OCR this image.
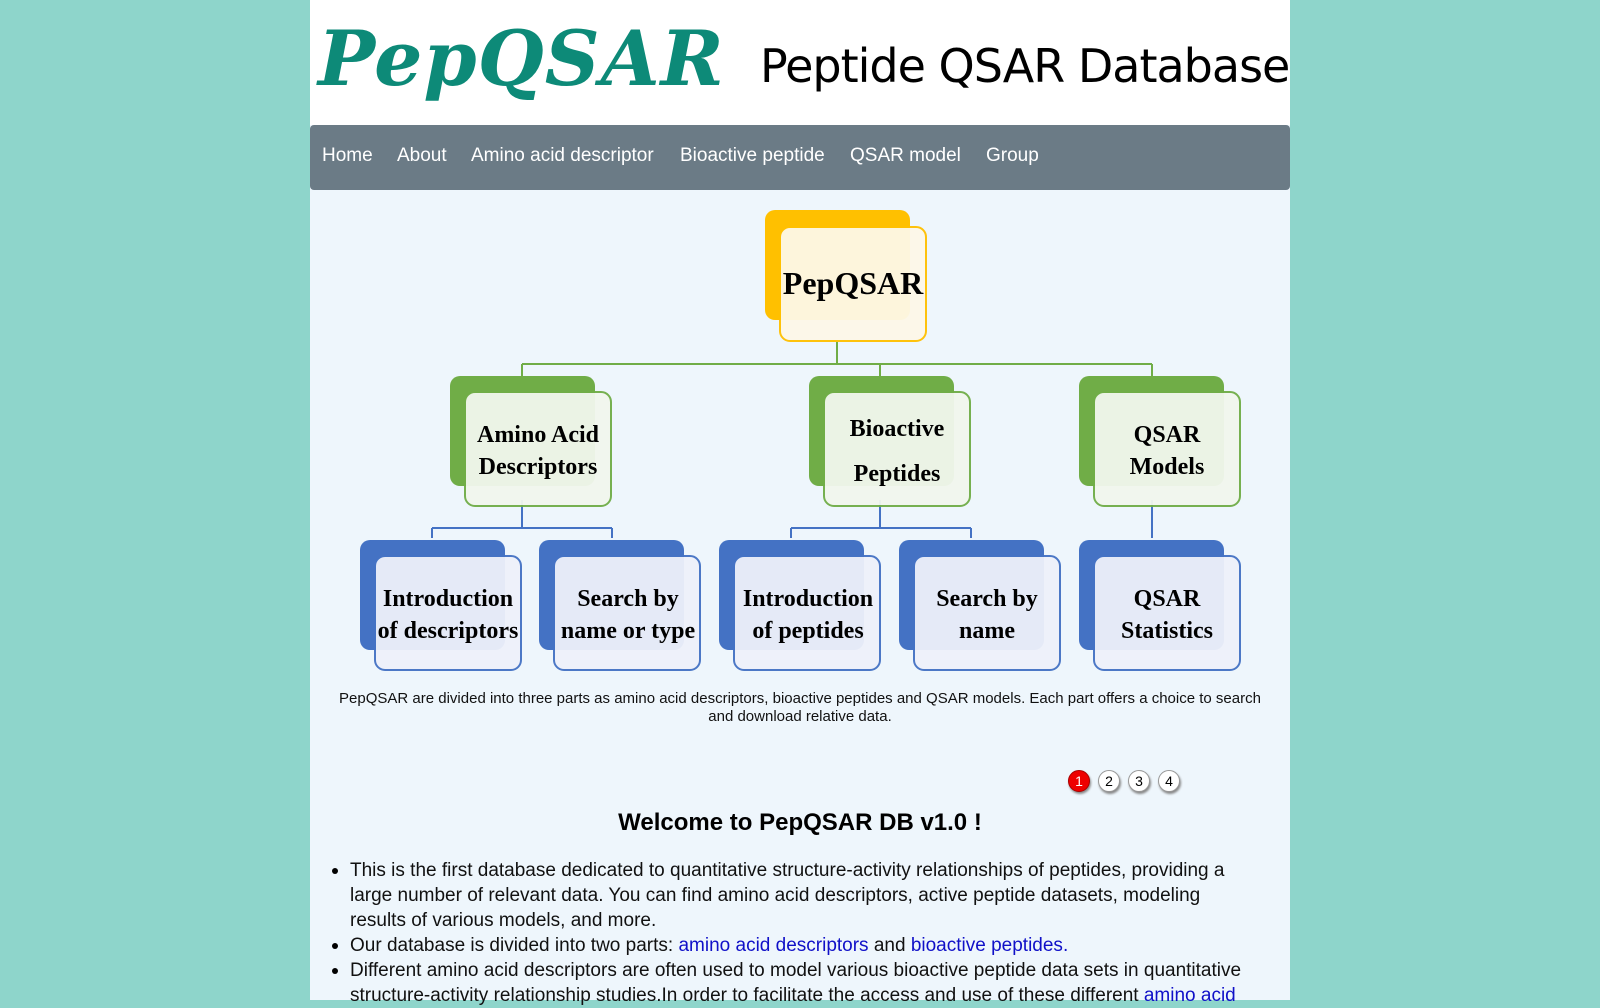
PepQSAR Peptide QSAR Database
Home About Amino acid descriptor Bioactive peptide QSAR model Group
PepQSAR
Amino Acid
Descriptors
Bioactive
Peptides
QSAR
Models
Introduction
of descriptors
Search by
name or type
Introduction
of peptides
Search by
name
QSAR
Statistics
PepQSAR are divided into three parts as amino acid descriptors, bioactive peptides and QSAR models. Each part offers a choice to search and download relative data.
1	2	3	4
Welcome to PepQSAR DB v1.0 !
This is the first database dedicated to quantitative structure-activity relationships of peptides, providing a large number of relevant data. You can find amino acid descriptors, active peptide datasets, modeling results of various models, and more.
Our database is divided into two parts: amino acid descriptors and bioactive peptides.
Different amino acid descriptors are often used to model various bioactive peptide data sets in quantitative structure-activity relationship studies.In order to facilitate the access and use of these different amino acid
